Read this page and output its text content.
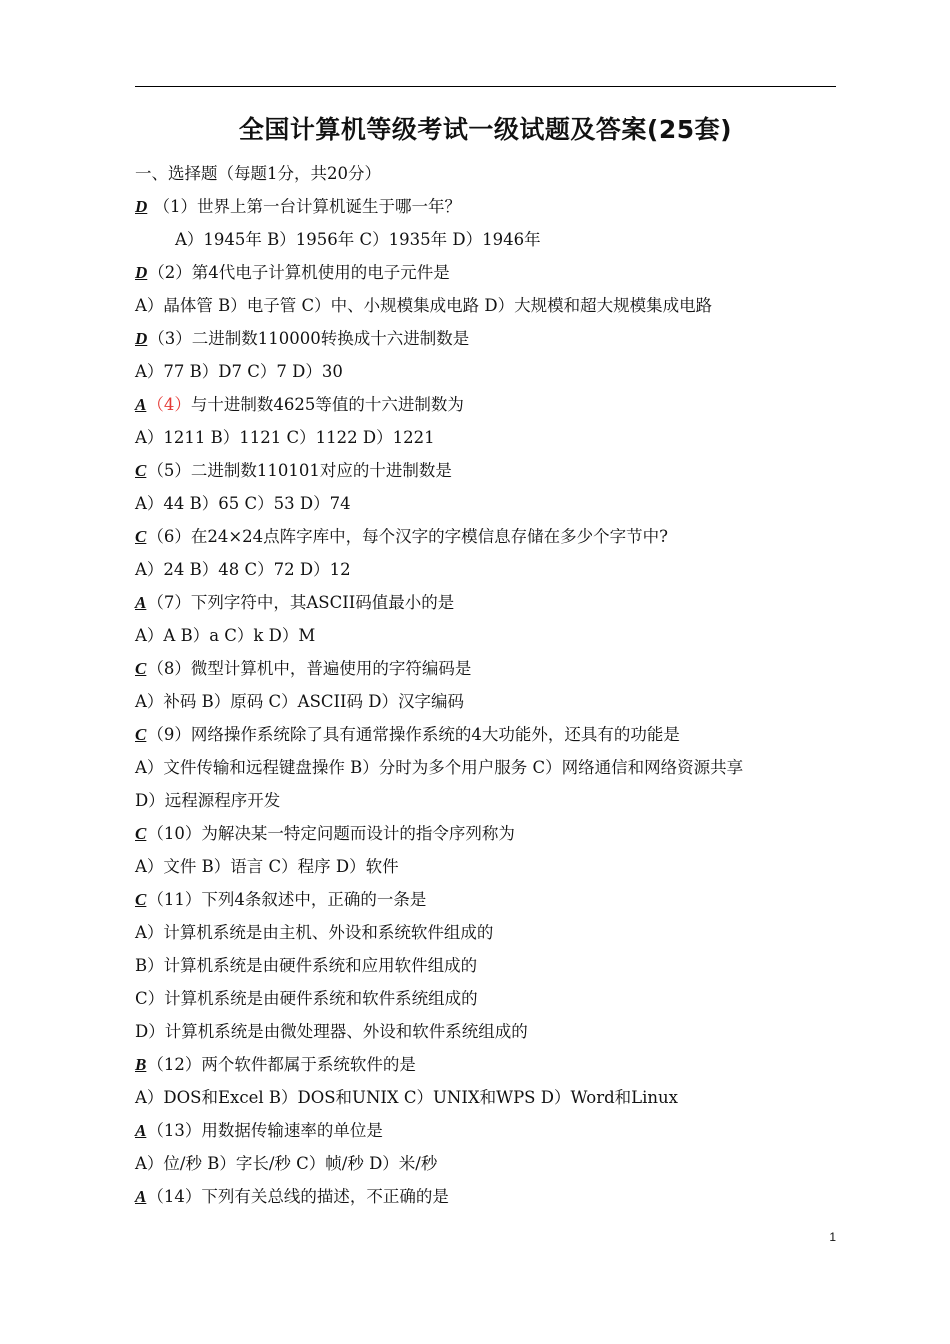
全国计算机等级考试一级试题及答案(25套)
一、选择题（每题1分，共20分）
D （1）世界上第一台计算机诞生于哪一年？
A）1945年 B）1956年 C）1935年 D）1946年
D（2）第4代电子计算机使用的电子元件是
A）晶体管 B）电子管 C）中、小规模集成电路 D）大规模和超大规模集成电路
D（3）二进制数110000转换成十六进制数是
A）77 B）D7 C）7 D）30
A（4）与十进制数4625等值的十六进制数为
A）1211 B）1121 C）1122 D）1221
C（5）二进制数110101对应的十进制数是
A）44 B）65 C）53 D）74
C（6）在24×24点阵字库中，每个汉字的字模信息存储在多少个字节中?
A）24 B）48 C）72 D）12
A（7）下列字符中，其ASCII码值最小的是
A）A B）a C）k D）M
C（8）微型计算机中，普遍使用的字符编码是
A）补码 B）原码 C）ASCII码 D）汉字编码
C（9）网络操作系统除了具有通常操作系统的4大功能外，还具有的功能是
A）文件传输和远程键盘操作 B）分时为多个用户服务 C）网络通信和网络资源共享
D）远程源程序开发
C（10）为解决某一特定问题而设计的指令序列称为
A）文件 B）语言 C）程序 D）软件
C（11）下列4条叙述中，正确的一条是
A）计算机系统是由主机、外设和系统软件组成的
B）计算机系统是由硬件系统和应用软件组成的
C）计算机系统是由硬件系统和软件系统组成的
D）计算机系统是由微处理器、外设和软件系统组成的
B（12）两个软件都属于系统软件的是
A）DOS和Excel B）DOS和UNIX C）UNIX和WPS D）Word和Linux
A（13）用数据传输速率的单位是
A）位/秒 B）字长/秒 C）帧/秒 D）米/秒
A（14）下列有关总线的描述，不正确的是
1
